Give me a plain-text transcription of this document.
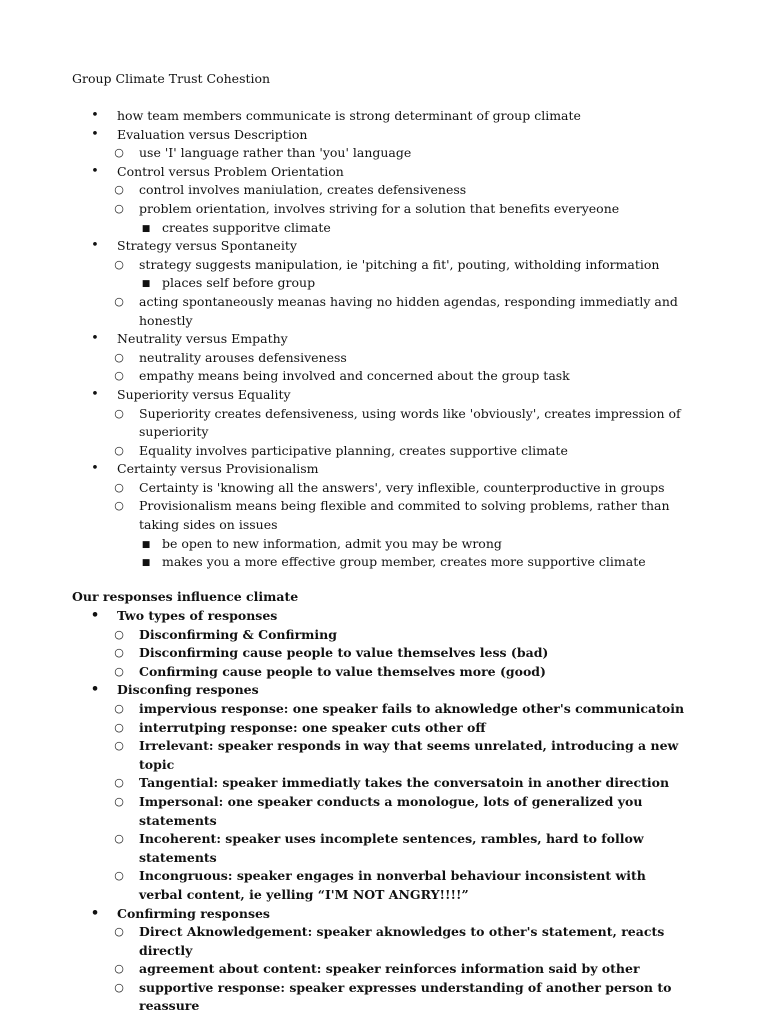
Group Climate Trust Cohestion
• how team members communicate is strong determinant of group climate
• Evaluation versus Description
○ use 'I' language rather than 'you' language
• Control versus Problem Orientation
○ control involves maniulation, creates defensiveness
○ problem orientation, involves striving for a solution that benefits everyeone
■ creates supporitve climate
• Strategy versus Spontaneity
○ strategy suggests manipulation, ie 'pitching a fit', pouting, witholding information
■ places self before group
○ acting spontaneously meanas having no hidden agendas, responding immediatly and honestly
• Neutrality versus Empathy
○ neutrality arouses defensiveness
○ empathy means being involved and concerned about the group task
• Superiority versus Equality
○ Superiority creates defensiveness, using words like 'obviously', creates impression of superiority
○ Equality involves participative planning, creates supportive climate
• Certainty versus Provisionalism
○ Certainty is 'knowing all the answers', very inflexible, counterproductive in groups
○ Provisionalism means being flexible and commited to solving problems, rather than taking sides on issues
■ be open to new information, admit you may be wrong
■ makes you a more effective group member, creates more supportive climate
Our responses influence climate
• Two types of responses
○ Disconfirming & Confirming
○ Disconfirming cause people to value themselves less (bad)
○ Confirming cause people to value themselves more (good)
• Disconfing respones
○ impervious response: one speaker fails to aknowledge other's communicatoin
○ interrutping response: one speaker cuts other off
○ Irrelevant: speaker responds in way that seems unrelated, introducing a new topic
○ Tangential: speaker immediatly takes the conversatoin in another direction
○ Impersonal: one speaker conducts a monologue, lots of generalized you statements
○ Incoherent: speaker uses incomplete sentences, rambles, hard to follow statements
○ Incongruous: speaker engages in nonverbal behaviour inconsistent with verbal content, ie yelling “I'M NOT ANGRY!!!!”
• Confirming responses
○ Direct Aknowledgement: speaker aknowledges to other's statement, reacts directly
○ agreement about content: speaker reinforces information said by other
○ supportive response: speaker expresses understanding of another person to reassure
